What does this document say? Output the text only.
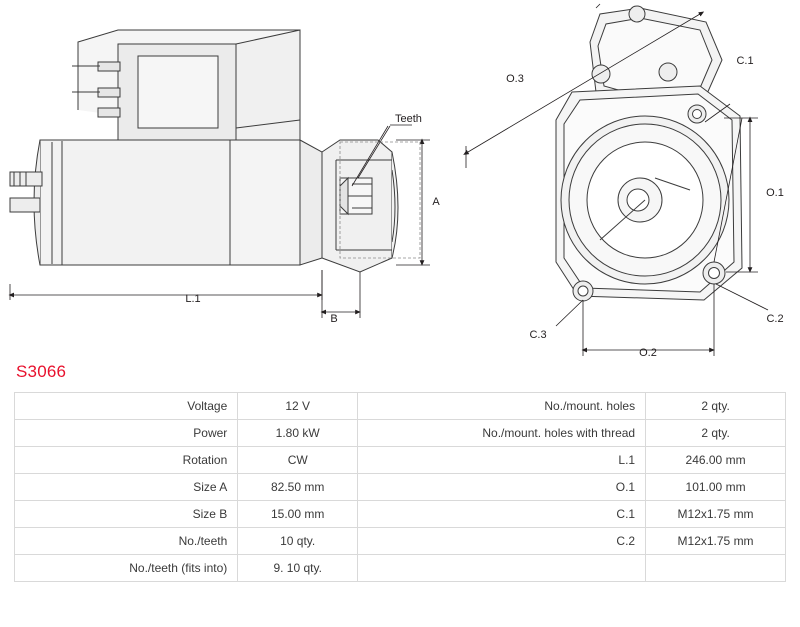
L.1
B
A
Teeth
O.3
O.1
O.2
C.1
C.2
C.3
S3066
Voltage	12 V	No./mount. holes	2 qty.
Power	1.80 kW	No./mount. holes with thread	2 qty.
Rotation	CW	L.1	246.00 mm
Size A	82.50 mm	O.1	101.00 mm
Size B	15.00 mm	C.1	M12x1.75 mm
No./teeth	10 qty.	C.2	M12x1.75 mm
No./teeth (fits into)	9. 10 qty.		
